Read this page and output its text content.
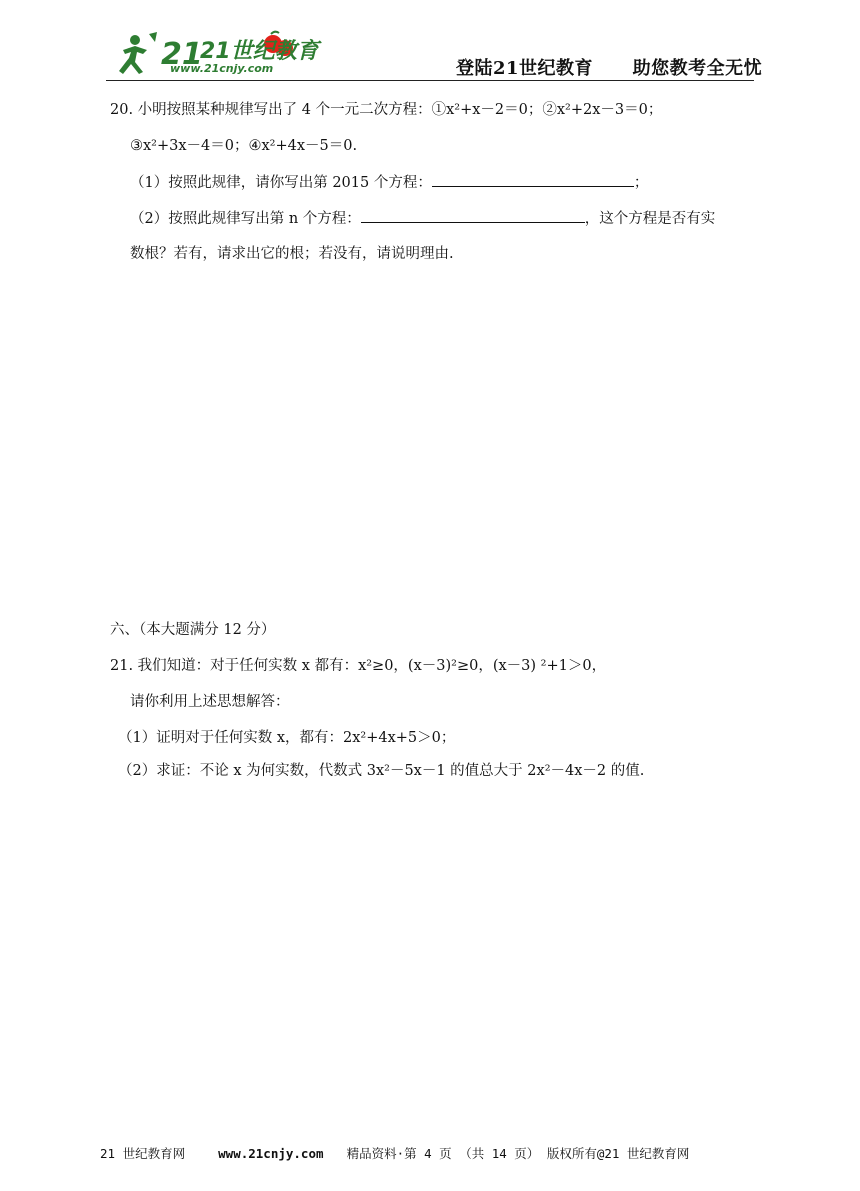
21
21世纪教育
www.21cnjy.com	登陆21世纪教育 助您教考全无忧
20. 小明按照某种规律写出了 4 个一元二次方程：①x²+x－2＝0；②x²+2x－3＝0；
③x²+3x－4＝0；④x²+4x－5＝0.
（1）按照此规律，请你写出第 2015 个方程：	；
（2）按照此规律写出第 n 个方程：	，这个方程是否有实
数根？若有，请求出它的根；若没有，请说明理由.
六、（本大题满分 12 分）
21. 我们知道：对于任何实数 x 都有：x²≥0，(x－3)²≥0，(x－3) ²+1＞0，
请你利用上述思想解答：
（1）证明对于任何实数 x，都有：2x²+4x+5＞0；
（2）求证：不论 x 为何实数，代数式 3x²－5x－1 的值总大于 2x²－4x－2 的值.
21 世纪教育网	www.21cnjy.com 精品资料·第 4 页 （共 14 页） 版权所有@21 世纪教育网
